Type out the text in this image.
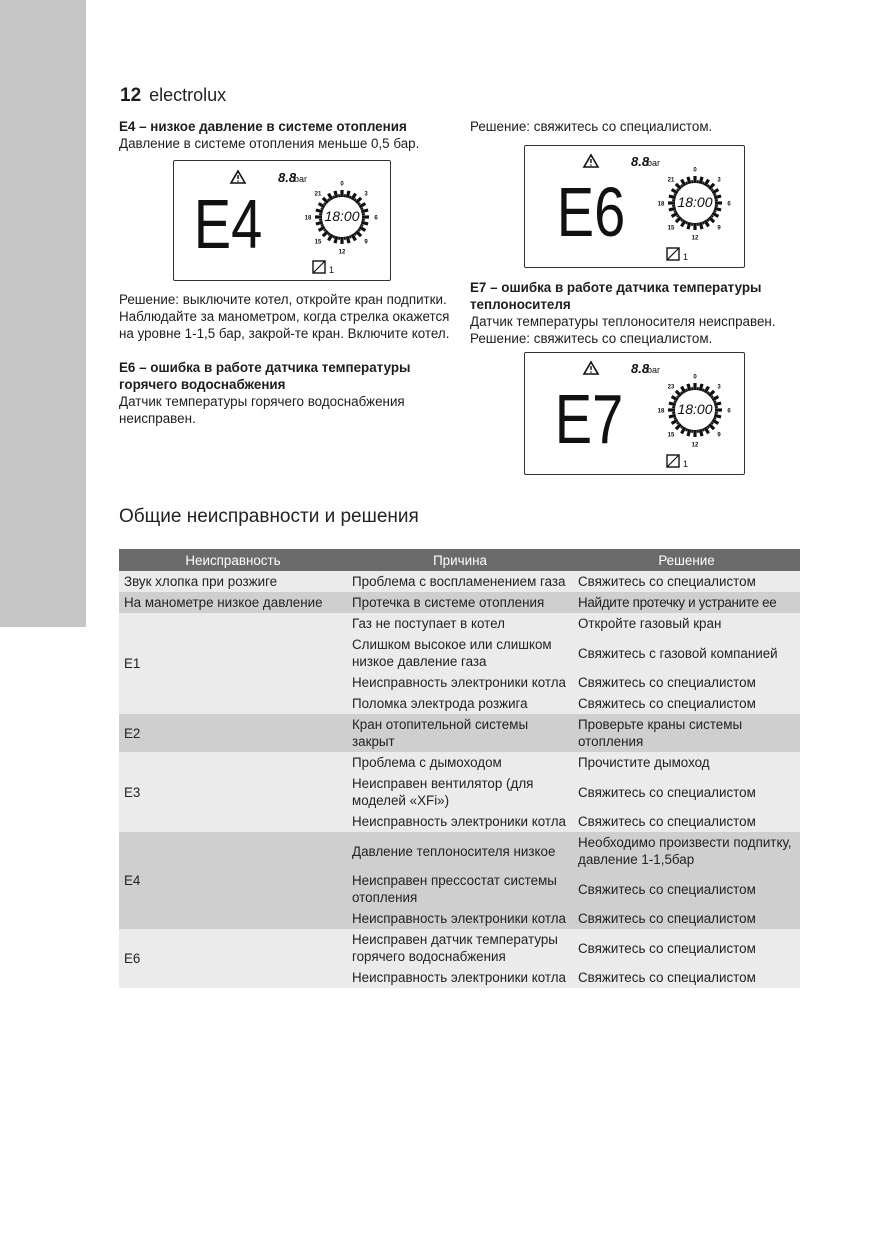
12 electrolux
E4 – низкое давление в системе отопления

Давление в системе отопления меньше 0,5 бар.

Решение: выключите котел, откройте кран подпитки. Наблюдайте за манометром, когда стрелка окажется на уровне 1-1,5 бар, закрой-те кран. Включите котел.

E6 – ошибка в работе датчика температуры горячего водоснабжения

Датчик температуры горячего водоснабжения неисправен.

Решение: свяжитесь со специалистом.

E7 – ошибка в работе датчика температуры теплоносителя

Датчик температуры теплоносителя неисправен.

Решение: свяжитесь со специалистом.

E4
8.8
bar
0
3
6
9
12
15
18
21
18:00
1
E6
8.8
bar
0
3
6
9
12
15
18
21
18:00
1
E7
8.8
bar
0
3
6
9
12
15
18
23
18:00
1
Общие неисправности и решения
Неисправность	Причина	Решение
Звук хлопка при розжиге	Проблема с воспламенением газа	Свяжитесь со специалистом
На манометре низкое давление	Протечка в системе отопления	Найдите протечку и устраните ее
E1	Газ не поступает в котел	Откройте газовый кран
	Слишком высокое или слишком низкое давление газа	Свяжитесь с газовой компанией
	Неисправность электроники котла	Свяжитесь со специалистом
	Поломка электрода розжига	Свяжитесь со специалистом
E2	Кран отопительной системы закрыт	Проверьте краны системы отопления
E3	Проблема с дымоходом	Прочистите дымоход
	Неисправен вентилятор (для моделей «XFi»)	Свяжитесь со специалистом
	Неисправность электроники котла	Свяжитесь со специалистом
E4	Давление теплоносителя низкое	Необходимо произвести подпитку, давление 1-1,5бар
	Неисправен прессостат системы отопления	Свяжитесь со специалистом
	Неисправность электроники котла	Свяжитесь со специалистом
E6	Неисправен датчик температуры горячего водоснабжения	Свяжитесь со специалистом
	Неисправность электроники котла	Свяжитесь со специалистом
